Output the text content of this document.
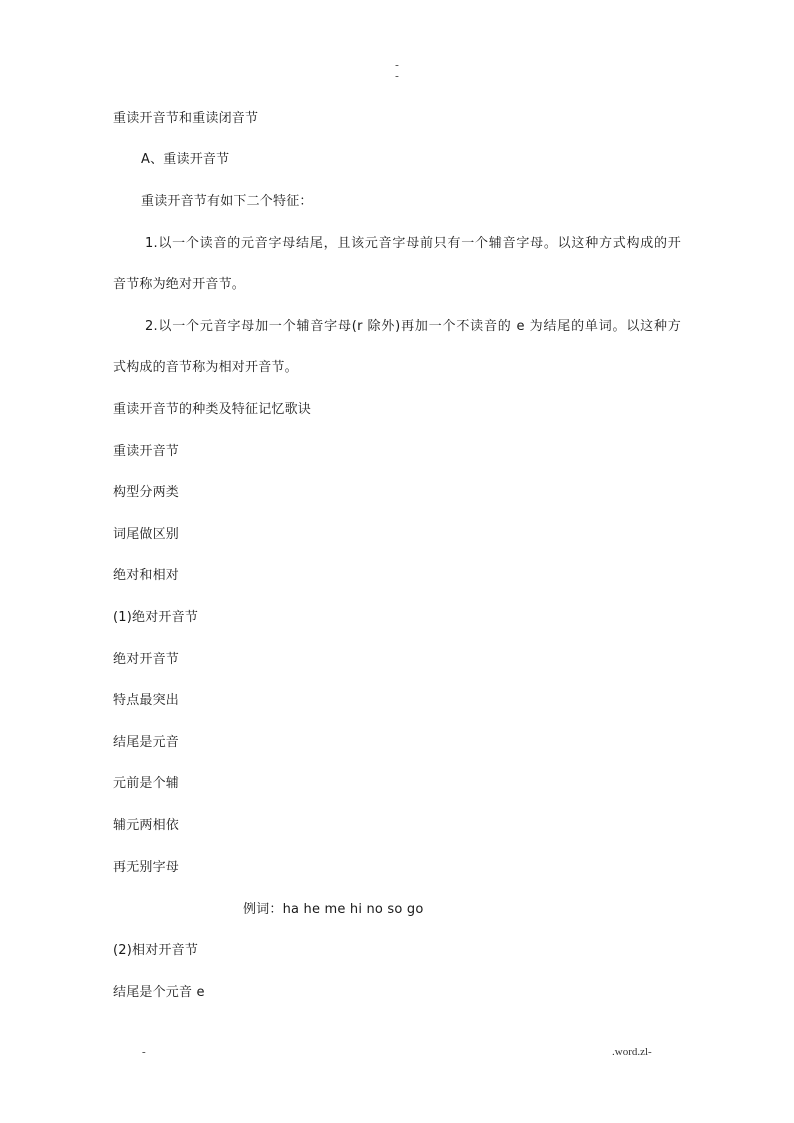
-
-
重读开音节和重读闭音节
A、重读开音节
重读开音节有如下二个特征：
1.以一个读音的元音字母结尾，且该元音字母前只有一个辅音字母。以这种方式构成的开
音节称为绝对开音节。
2.以一个元音字母加一个辅音字母(r 除外)再加一个不读音的 e 为结尾的单词。以这种方
式构成的音节称为相对开音节。
重读开音节的种类及特征记忆歌诀
重读开音节
构型分两类
词尾做区别
绝对和相对
(1)绝对开音节
绝对开音节
特点最突出
结尾是元音
元前是个辅
辅元两相依
再无别字母
例词：ha he me hi no so go
(2)相对开音节
结尾是个元音 e
-	.word.zl-
